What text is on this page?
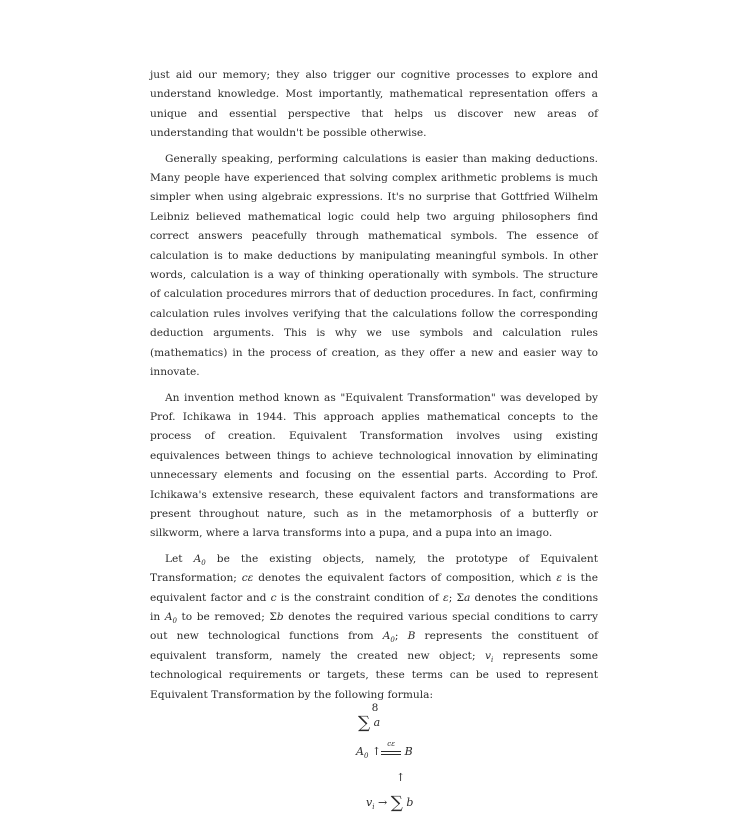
just aid our memory; they also trigger our cognitive processes to explore and understand knowledge. Most importantly, mathematical representation offers a unique and essential perspective that helps us discover new areas of understanding that wouldn't be possible otherwise.

Generally speaking, performing calculations is easier than making deductions. Many people have experienced that solving complex arithmetic problems is much simpler when using algebraic expressions. It's no surprise that Gottfried Wilhelm Leibniz believed mathematical logic could help two arguing philosophers find correct answers peacefully through mathematical symbols. The essence of calculation is to make deductions by manipulating meaningful symbols. In other words, calculation is a way of thinking operationally with symbols. The structure of calculation procedures mirrors that of deduction procedures. In fact, confirming calculation rules involves verifying that the calculations follow the corresponding deduction arguments. This is why we use symbols and calculation rules (mathematics) in the process of creation, as they offer a new and easier way to innovate.

An invention method known as "Equivalent Transformation" was developed by Prof. Ichikawa in 1944. This approach applies mathematical concepts to the process of creation. Equivalent Transformation involves using existing equivalences between things to achieve technological innovation by eliminating unnecessary elements and focusing on the essential parts. According to Prof. Ichikawa's extensive research, these equivalent factors and transformations are present throughout nature, such as in the metamorphosis of a butterfly or silkworm, where a larva transforms into a pupa, and a pupa into an imago.

Let $A_0$ be the existing objects, namely, the prototype of Equivalent Transformation; cε denotes the equivalent factors of composition, which ε is the equivalent factor and c is the constraint condition of ε; Σa denotes the conditions in $A_0$ to be removed; Σb denotes the required various special conditions to carry out new technological functions from $A_0$; B represents the constituent of equivalent transform, namely the created new object; $v_i$ represents some technological requirements or targets, these terms can be used to represent Equivalent Transformation by the following formula:

∑ a
$A_0$ ↑
cε
B
↑
$v_i$ → ∑ b
8
